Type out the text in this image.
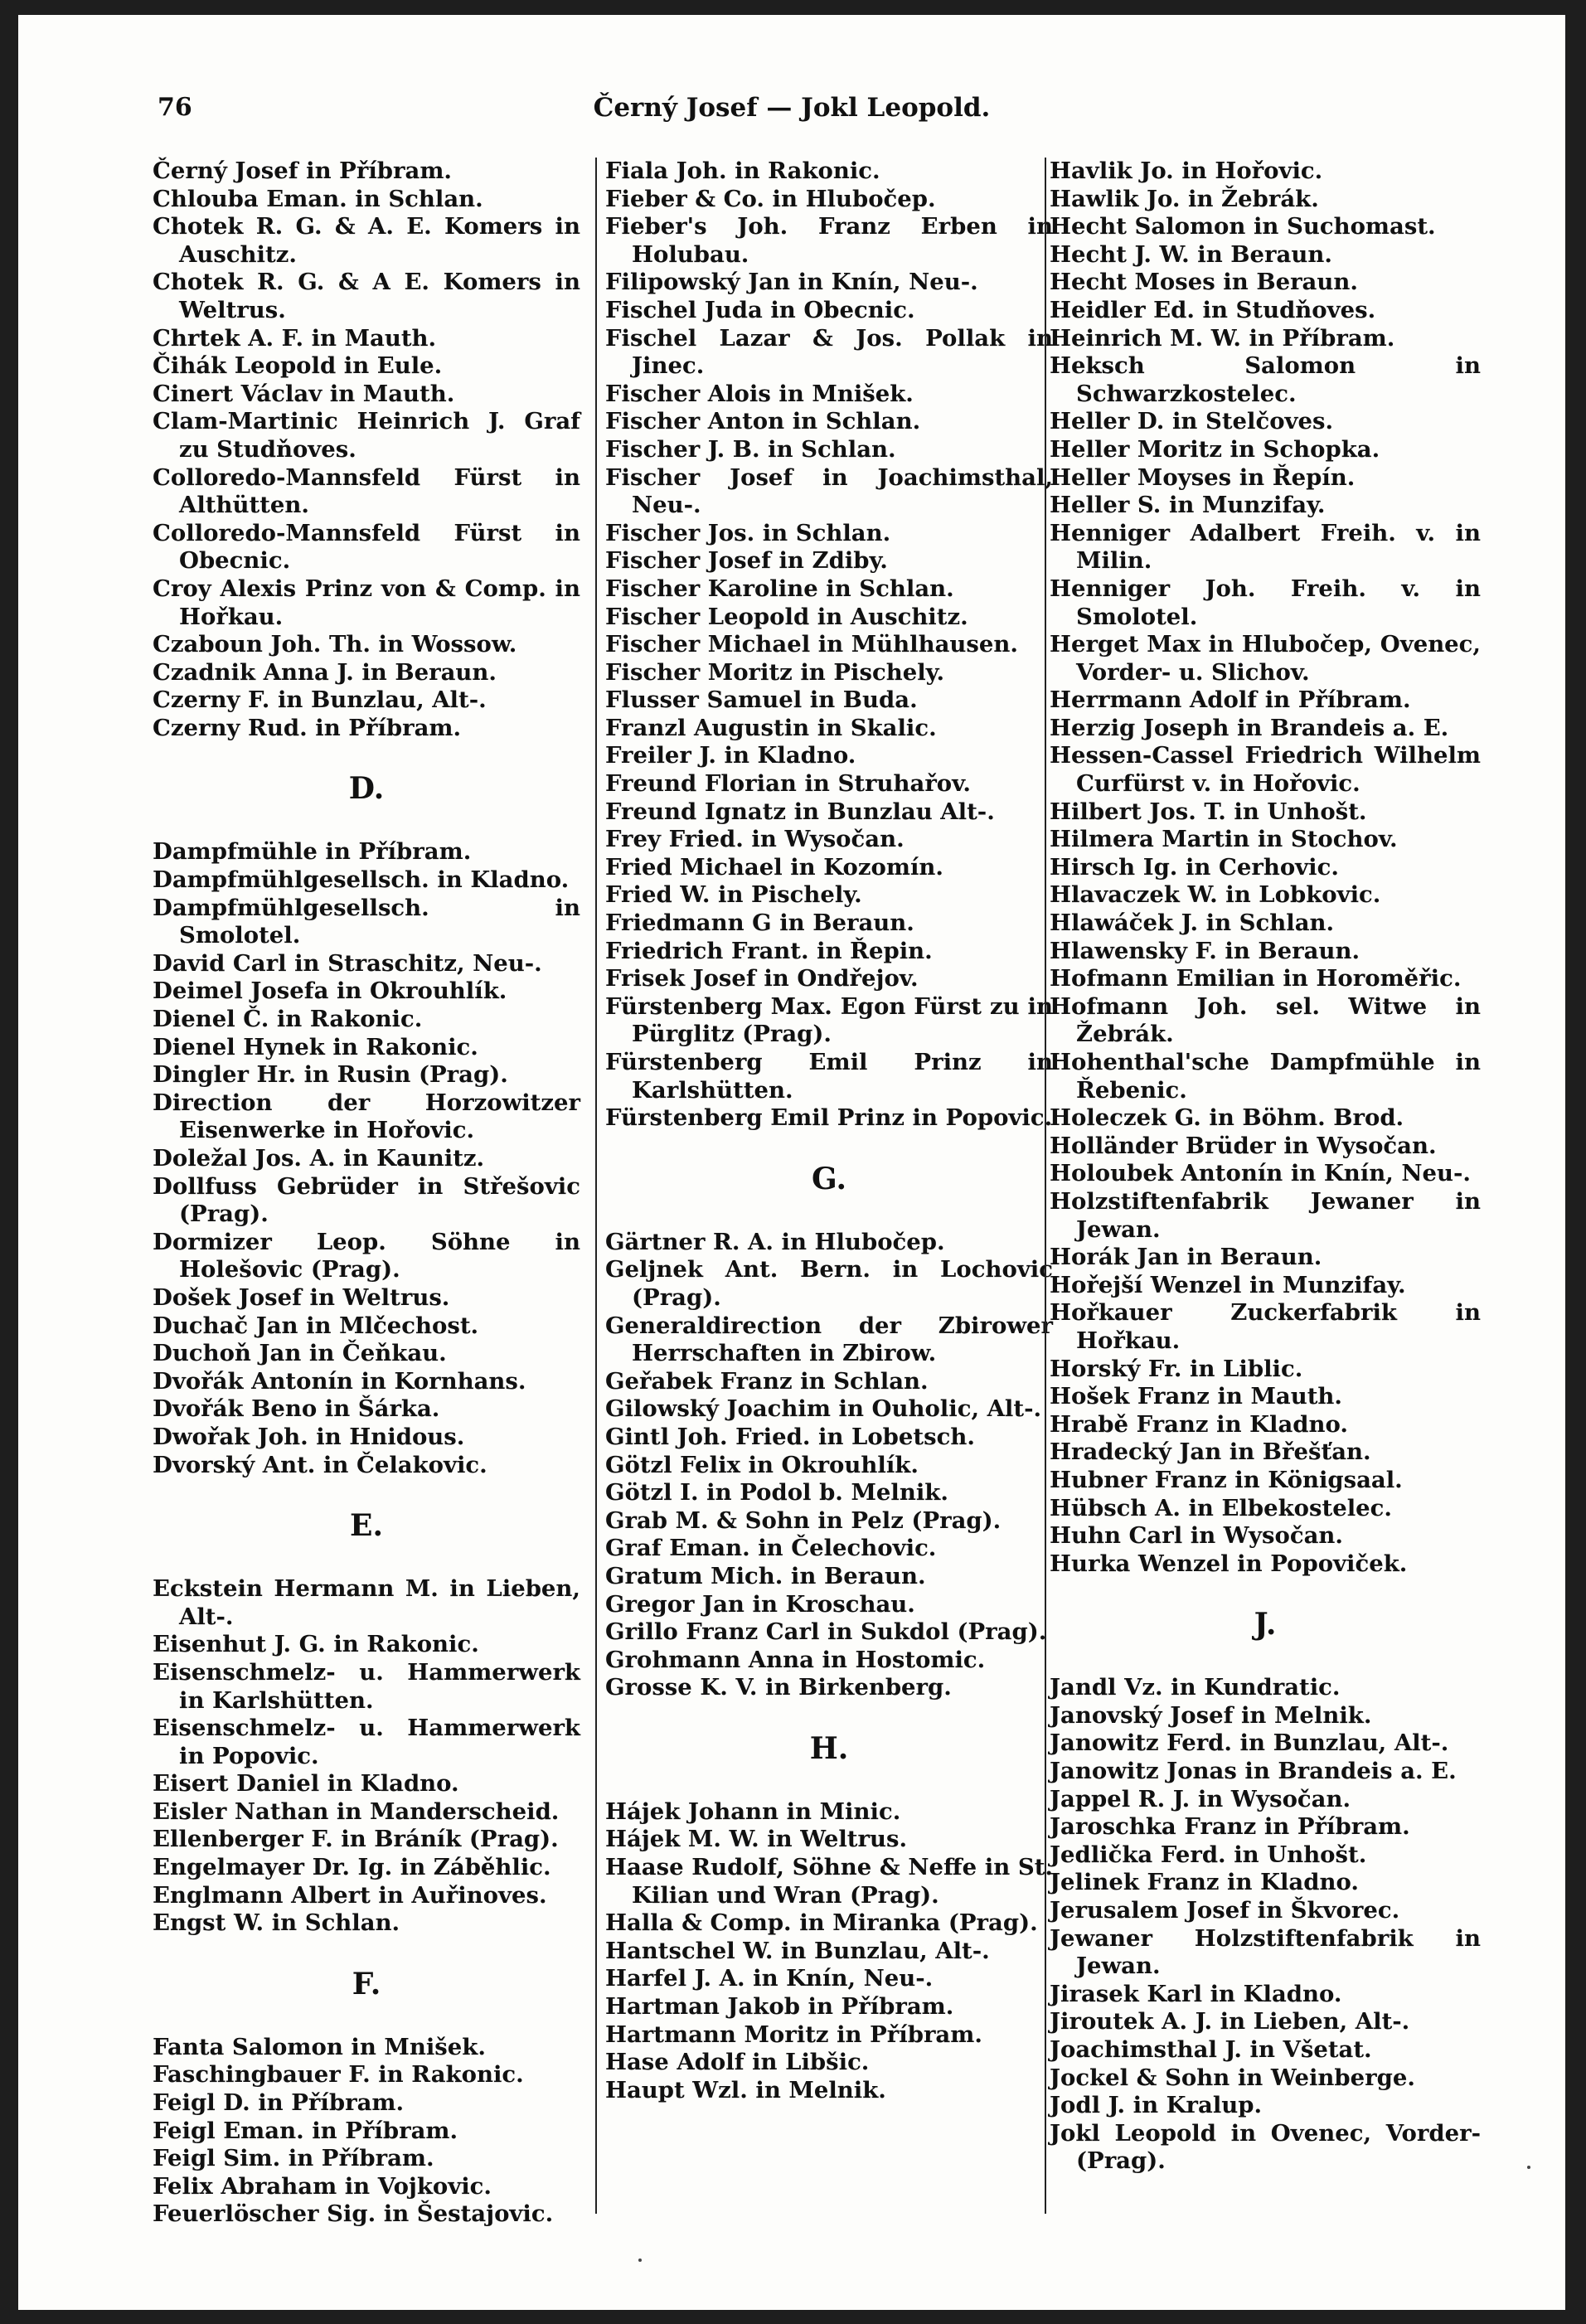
76	Černý Josef — Jokl Leopold.
Černý Josef in Příbram.
Chlouba Eman. in Schlan.
Chotek R. G. & A. E. Komers in Auschitz.
Chotek R. G. & A E. Komers in Weltrus.
Chrtek A. F. in Mauth.
Čihák Leopold in Eule.
Cinert Václav in Mauth.
Clam-Martinic Heinrich J. Graf zu Studňoves.
Colloredo-Mannsfeld Fürst in Althütten.
Colloredo-Mannsfeld Fürst in Obecnic.
Croy Alexis Prinz von & Comp. in Hořkau.
Czaboun Joh. Th. in Wossow.
Czadnik Anna J. in Beraun.
Czerny F. in Bunzlau, Alt-.
Czerny Rud. in Příbram.
D.
Dampfmühle in Příbram.
Dampfmühlgesellsch. in Kladno.
Dampfmühlgesellsch. in Smolotel.
David Carl in Straschitz, Neu-.
Deimel Josefa in Okrouhlík.
Dienel Č. in Rakonic.
Dienel Hynek in Rakonic.
Dingler Hr. in Rusin (Prag).
Direction der Horzowitzer Eisenwerke in Hořovic.
Doležal Jos. A. in Kaunitz.
Dollfuss Gebrüder in Střešovic (Prag).
Dormizer Leop. Söhne in Holešovic (Prag).
Došek Josef in Weltrus.
Duchač Jan in Mlčechost.
Duchoň Jan in Čeňkau.
Dvořák Antonín in Kornhans.
Dvořák Beno in Šárka.
Dwořak Joh. in Hnidous.
Dvorský Ant. in Čelakovic.
E.
Eckstein Hermann M. in Lieben, Alt-.
Eisenhut J. G. in Rakonic.
Eisenschmelz- u. Hammerwerk in Karlshütten.
Eisenschmelz- u. Hammerwerk in Popovic.
Eisert Daniel in Kladno.
Eisler Nathan in Manderscheid.
Ellenberger F. in Bráník (Prag).
Engelmayer Dr. Ig. in Záběhlic.
Englmann Albert in Auřinoves.
Engst W. in Schlan.
F.
Fanta Salomon in Mnišek.
Faschingbauer F. in Rakonic.
Feigl D. in Příbram.
Feigl Eman. in Příbram.
Feigl Sim. in Příbram.
Felix Abraham in Vojkovic.
Feuerlöscher Sig. in Šestajovic.
Fiala Joh. in Rakonic.
Fieber & Co. in Hlubočep.
Fieber's Joh. Franz Erben in Holubau.
Filipowský Jan in Knín, Neu-.
Fischel Juda in Obecnic.
Fischel Lazar & Jos. Pollak in Jinec.
Fischer Alois in Mnišek.
Fischer Anton in Schlan.
Fischer J. B. in Schlan.
Fischer Josef in Joachimsthal, Neu-.
Fischer Jos. in Schlan.
Fischer Josef in Zdiby.
Fischer Karoline in Schlan.
Fischer Leopold in Auschitz.
Fischer Michael in Mühlhausen.
Fischer Moritz in Pischely.
Flusser Samuel in Buda.
Franzl Augustin in Skalic.
Freiler J. in Kladno.
Freund Florian in Struhařov.
Freund Ignatz in Bunzlau Alt-.
Frey Fried. in Wysočan.
Fried Michael in Kozomín.
Fried W. in Pischely.
Friedmann G in Beraun.
Friedrich Frant. in Řepin.
Frisek Josef in Ondřejov.
Fürstenberg Max. Egon Fürst zu in Pürglitz (Prag).
Fürstenberg Emil Prinz in Karlshütten.
Fürstenberg Emil Prinz in Popovic.
G.
Gärtner R. A. in Hlubočep.
Geljnek Ant. Bern. in Lochovic (Prag).
Generaldirection der Zbirower Herrschaften in Zbirow.
Geřabek Franz in Schlan.
Gilowský Joachim in Ouholic, Alt-.
Gintl Joh. Fried. in Lobetsch.
Götzl Felix in Okrouhlík.
Götzl I. in Podol b. Melnik.
Grab M. & Sohn in Pelz (Prag).
Graf Eman. in Čelechovic.
Gratum Mich. in Beraun.
Gregor Jan in Kroschau.
Grillo Franz Carl in Sukdol (Prag).
Grohmann Anna in Hostomic.
Grosse K. V. in Birkenberg.
H.
Hájek Johann in Minic.
Hájek M. W. in Weltrus.
Haase Rudolf, Söhne & Neffe in St. Kilian und Wran (Prag).
Halla & Comp. in Miranka (Prag).
Hantschel W. in Bunzlau, Alt-.
Harfel J. A. in Knín, Neu-.
Hartman Jakob in Příbram.
Hartmann Moritz in Příbram.
Hase Adolf in Libšic.
Haupt Wzl. in Melnik.
Havlik Jo. in Hořovic.
Hawlik Jo. in Žebrák.
Hecht Salomon in Suchomast.
Hecht J. W. in Beraun.
Hecht Moses in Beraun.
Heidler Ed. in Studňoves.
Heinrich M. W. in Příbram.
Heksch Salomon in Schwarzkostelec.
Heller D. in Stelčoves.
Heller Moritz in Schopka.
Heller Moyses in Řepín.
Heller S. in Munzifay.
Henniger Adalbert Freih. v. in Milin.
Henniger Joh. Freih. v. in Smolotel.
Herget Max in Hlubočep, Ovenec, Vorder- u. Slichov.
Herrmann Adolf in Příbram.
Herzig Joseph in Brandeis a. E.
Hessen-Cassel Friedrich Wilhelm Curfürst v. in Hořovic.
Hilbert Jos. T. in Unhošt.
Hilmera Martin in Stochov.
Hirsch Ig. in Cerhovic.
Hlavaczek W. in Lobkovic.
Hlawáček J. in Schlan.
Hlawensky F. in Beraun.
Hofmann Emilian in Horoměřic.
Hofmann Joh. sel. Witwe in Žebrák.
Hohenthal'sche Dampfmühle in Řebenic.
Holeczek G. in Böhm. Brod.
Holländer Brüder in Wysočan.
Holoubek Antonín in Knín, Neu-.
Holzstiftenfabrik Jewaner in Jewan.
Horák Jan in Beraun.
Hořejší Wenzel in Munzifay.
Hořkauer Zuckerfabrik in Hořkau.
Horský Fr. in Liblic.
Hošek Franz in Mauth.
Hrabě Franz in Kladno.
Hradecký Jan in Břešťan.
Hubner Franz in Königsaal.
Hübsch A. in Elbekostelec.
Huhn Carl in Wysočan.
Hurka Wenzel in Popoviček.
J.
Jandl Vz. in Kundratic.
Janovský Josef in Melnik.
Janowitz Ferd. in Bunzlau, Alt-.
Janowitz Jonas in Brandeis a. E.
Jappel R. J. in Wysočan.
Jaroschka Franz in Příbram.
Jedlička Ferd. in Unhošt.
Jelinek Franz in Kladno.
Jerusalem Josef in Škvorec.
Jewaner Holzstiftenfabrik in Jewan.
Jirasek Karl in Kladno.
Jiroutek A. J. in Lieben, Alt-.
Joachimsthal J. in Všetat.
Jockel & Sohn in Weinberge.
Jodl J. in Kralup.
Jokl Leopold in Ovenec, Vorder- (Prag).
